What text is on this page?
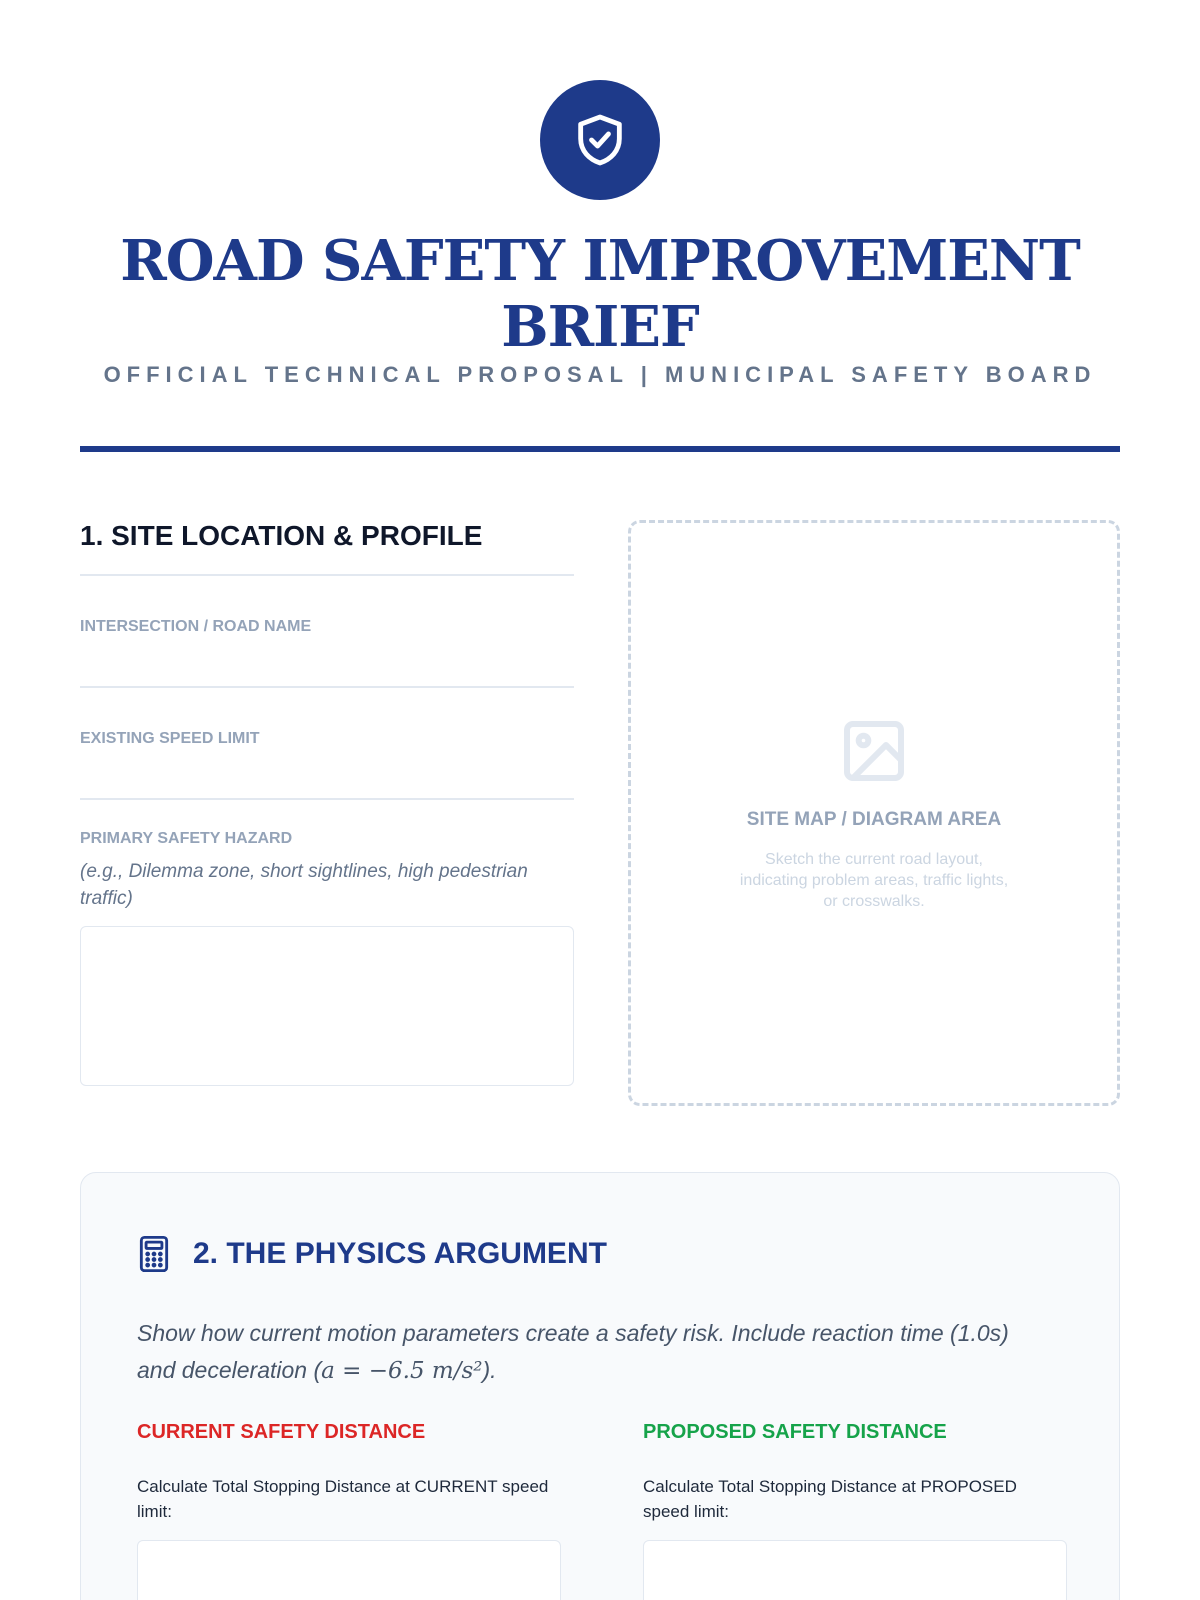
ROAD SAFETY IMPROVEMENT BRIEF
OFFICIAL TECHNICAL PROPOSAL | MUNICIPAL SAFETY BOARD
1. SITE LOCATION & PROFILE
INTERSECTION / ROAD NAME
EXISTING SPEED LIMIT
PRIMARY SAFETY HAZARD
(e.g., Dilemma zone, short sightlines, high pedestrian traffic)
SITE MAP / DIAGRAM AREA
Sketch the current road layout, indicating problem areas, traffic lights, or crosswalks.
2. THE PHYSICS ARGUMENT
Show how current motion parameters create a safety risk. Include reaction time (1.0s) and deceleration (a = −6.5 m/s²).
CURRENT SAFETY DISTANCE
Calculate Total Stopping Distance at CURRENT speed limit:
PROPOSED SAFETY DISTANCE
Calculate Total Stopping Distance at PROPOSED speed limit:
